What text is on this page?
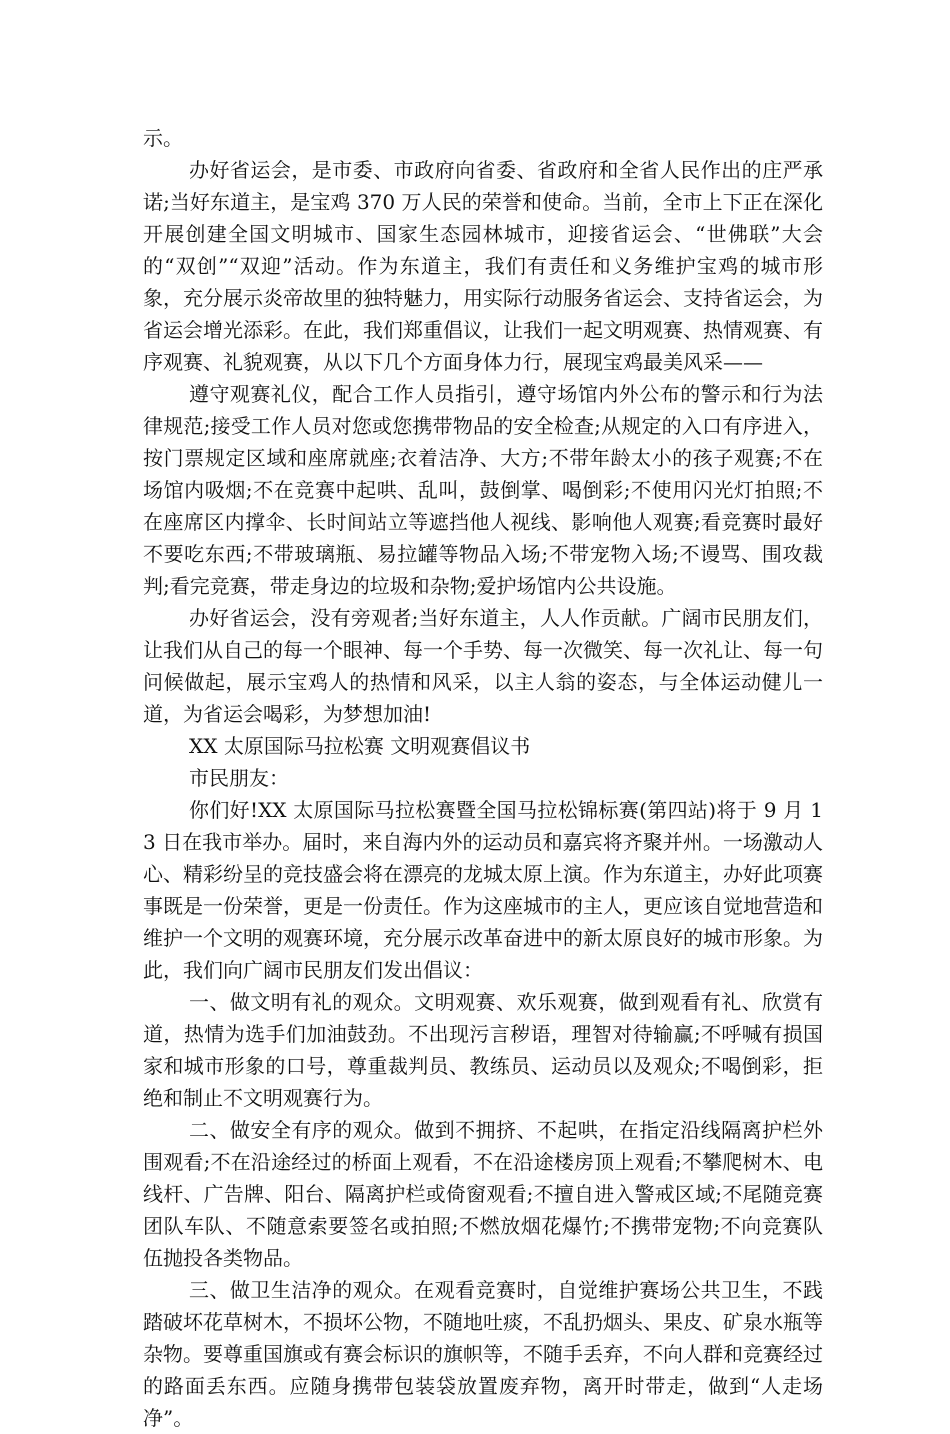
示。

办好省运会，是市委、市政府向省委、省政府和全省人民作出的庄严承诺;当好东道主，是宝鸡 370 万人民的荣誉和使命。当前，全市上下正在深化开展创建全国文明城市、国家生态园林城市，迎接省运会、“世佛联”大会的“双创”“双迎”活动。作为东道主，我们有责任和义务维护宝鸡的城市形象，充分展示炎帝故里的独特魅力，用实际行动服务省运会、支持省运会，为省运会增光添彩。在此，我们郑重倡议，让我们一起文明观赛、热情观赛、有序观赛、礼貌观赛，从以下几个方面身体力行，展现宝鸡最美风采——

遵守观赛礼仪，配合工作人员指引，遵守场馆内外公布的警示和行为法律规范;接受工作人员对您或您携带物品的安全检查;从规定的入口有序进入，按门票规定区域和座席就座;衣着洁净、大方;不带年龄太小的孩子观赛;不在场馆内吸烟;不在竞赛中起哄、乱叫，鼓倒掌、喝倒彩;不使用闪光灯拍照;不在座席区内撑伞、长时间站立等遮挡他人视线、影响他人观赛;看竞赛时最好不要吃东西;不带玻璃瓶、易拉罐等物品入场;不带宠物入场;不谩骂、围攻裁判;看完竞赛，带走身边的垃圾和杂物;爱护场馆内公共设施。

办好省运会，没有旁观者;当好东道主，人人作贡献。广阔市民朋友们，让我们从自己的每一个眼神、每一个手势、每一次微笑、每一次礼让、每一句问候做起，展示宝鸡人的热情和风采，以主人翁的姿态，与全体运动健儿一道，为省运会喝彩，为梦想加油!

XX 太原国际马拉松赛 文明观赛倡议书

市民朋友：

你们好!XX 太原国际马拉松赛暨全国马拉松锦标赛(第四站)将于 9 月 13 日在我市举办。届时，来自海内外的运动员和嘉宾将齐聚并州。一场激动人心、精彩纷呈的竞技盛会将在漂亮的龙城太原上演。作为东道主，办好此项赛事既是一份荣誉，更是一份责任。作为这座城市的主人，更应该自觉地营造和维护一个文明的观赛环境，充分展示改革奋进中的新太原良好的城市形象。为此，我们向广阔市民朋友们发出倡议：

一、做文明有礼的观众。文明观赛、欢乐观赛，做到观看有礼、欣赏有道，热情为选手们加油鼓劲。不出现污言秽语，理智对待输赢;不呼喊有损国家和城市形象的口号，尊重裁判员、教练员、运动员以及观众;不喝倒彩，拒绝和制止不文明观赛行为。

二、做安全有序的观众。做到不拥挤、不起哄，在指定沿线隔离护栏外围观看;不在沿途经过的桥面上观看，不在沿途楼房顶上观看;不攀爬树木、电线杆、广告牌、阳台、隔离护栏或倚窗观看;不擅自进入警戒区域;不尾随竞赛团队车队、不随意索要签名或拍照;不燃放烟花爆竹;不携带宠物;不向竞赛队伍抛投各类物品。

三、做卫生洁净的观众。在观看竞赛时，自觉维护赛场公共卫生，不践踏破坏花草树木，不损坏公物，不随地吐痰，不乱扔烟头、果皮、矿泉水瓶等杂物。要尊重国旗或有赛会标识的旗帜等，不随手丢弃，不向人群和竞赛经过的路面丢东西。应随身携带包装袋放置废弃物，离开时带走，做到“人走场净”。
